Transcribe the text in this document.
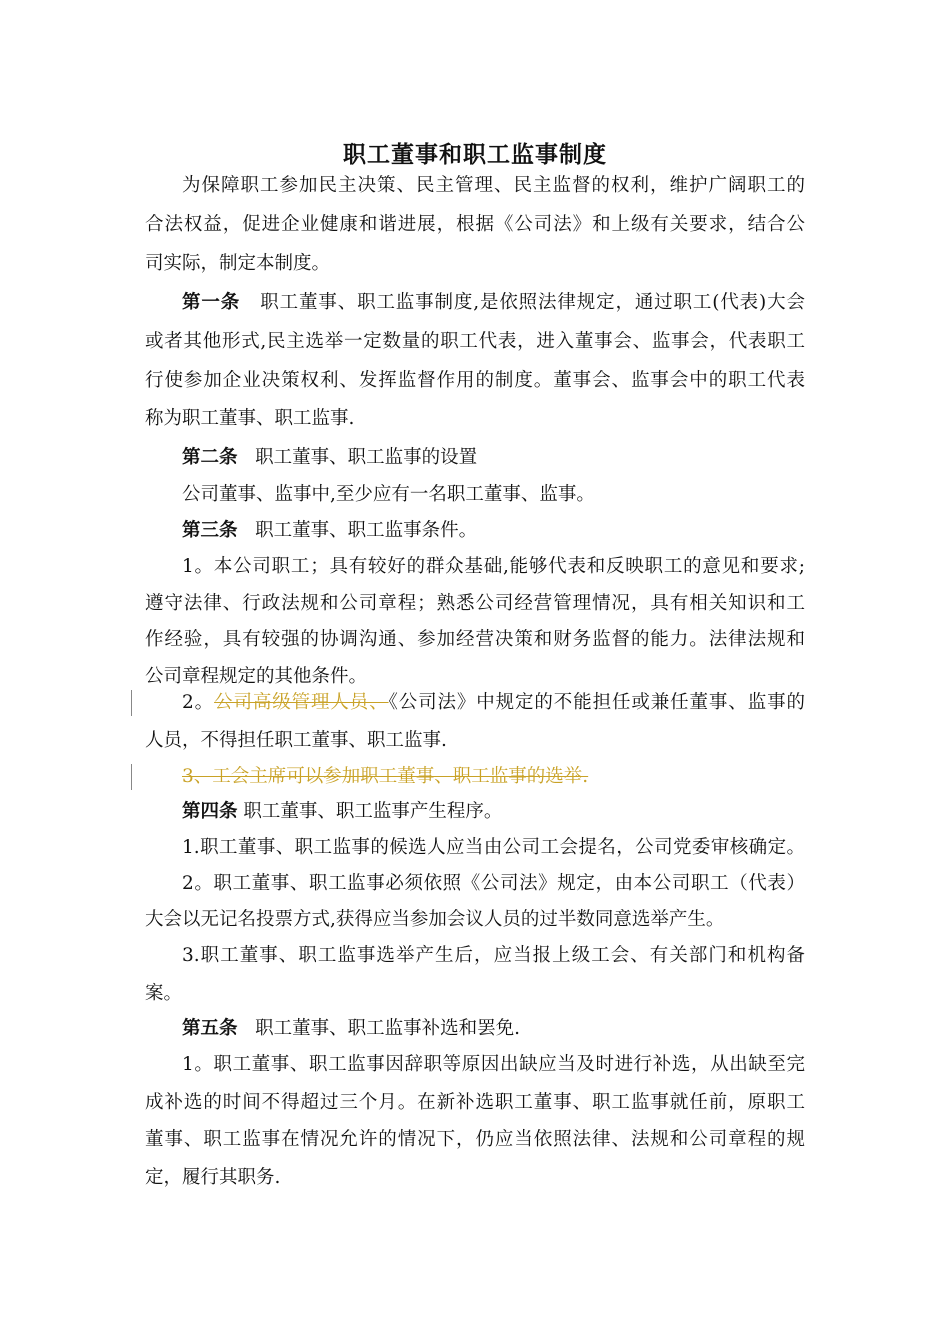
职工董事和职工监事制度
为保障职工参加民主决策、民主管理、民主监督的权利，维护广阔职工的
合法权益，促进企业健康和谐进展，根据《公司法》和上级有关要求，结合公
司实际，制定本制度。
第一条 职工董事、职工监事制度,是依照法律规定，通过职工(代表)大会
或者其他形式,民主选举一定数量的职工代表，进入董事会、监事会，代表职工
行使参加企业决策权利、发挥监督作用的制度。董事会、监事会中的职工代表
称为职工董事、职工监事.
第二条 职工董事、职工监事的设置
公司董事、监事中,至少应有一名职工董事、监事。
第三条 职工董事、职工监事条件。
1。本公司职工；具有较好的群众基础,能够代表和反映职工的意见和要求;
遵守法律、行政法规和公司章程；熟悉公司经营管理情况，具有相关知识和工
作经验，具有较强的协调沟通、参加经营决策和财务监督的能力。法律法规和
公司章程规定的其他条件。
2。公司高级管理人员、《公司法》中规定的不能担任或兼任董事、监事的
人员，不得担任职工董事、职工监事.
3、工会主席可以参加职工董事、职工监事的选举.
第四条 职工董事、职工监事产生程序。
1.职工董事、职工监事的候选人应当由公司工会提名，公司党委审核确定。
2。职工董事、职工监事必须依照《公司法》规定，由本公司职工（代表）
大会以无记名投票方式,获得应当参加会议人员的过半数同意选举产生。
3.职工董事、职工监事选举产生后，应当报上级工会、有关部门和机构备
案。
第五条 职工董事、职工监事补选和罢免.
1。职工董事、职工监事因辞职等原因出缺应当及时进行补选，从出缺至完
成补选的时间不得超过三个月。在新补选职工董事、职工监事就任前，原职工
董事、职工监事在情况允许的情况下，仍应当依照法律、法规和公司章程的规
定，履行其职务.
